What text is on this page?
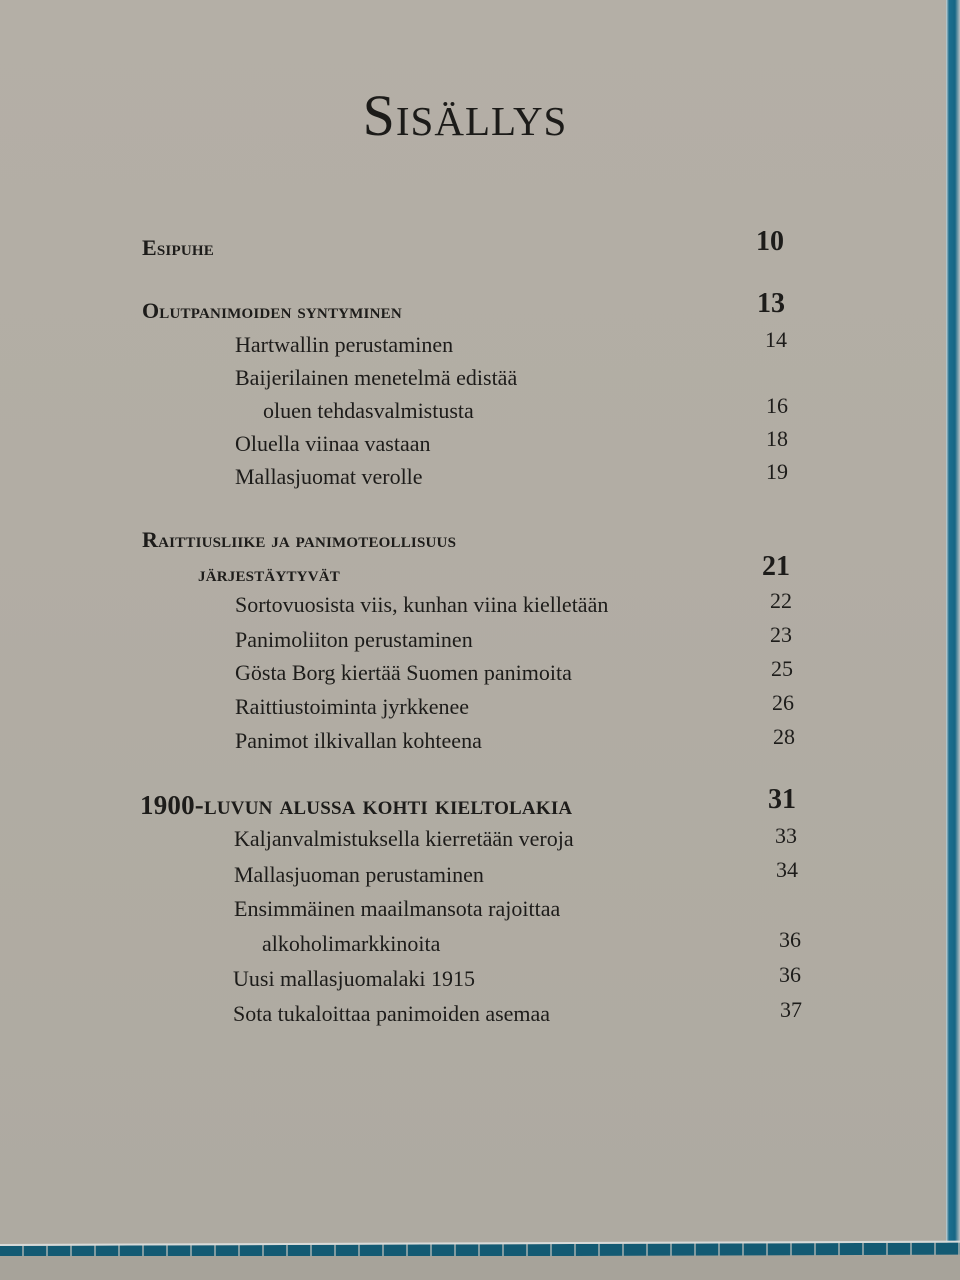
Sisällys
Esipuhe	10
Olutpanimoiden syntyminen	13
Hartwallin perustaminen	14
Baijerilainen menetelmä edistää
oluen tehdasvalmistusta	16
Oluella viinaa vastaan	18
Mallasjuomat verolle	19
Raittiusliike ja panimoteollisuus
järjestäytyvät	21
Sortovuosista viis, kunhan viina kielletään	22
Panimoliiton perustaminen	23
Gösta Borg kiertää Suomen panimoita	25
Raittiustoiminta jyrkkenee	26
Panimot ilkivallan kohteena	28
1900-luvun alussa kohti kieltolakia	31
Kaljanvalmistuksella kierretään veroja	33
Mallasjuoman perustaminen	34
Ensimmäinen maailmansota rajoittaa
alkoholimarkkinoita	36
Uusi mallasjuomalaki 1915	36
Sota tukaloittaa panimoiden asemaa	37
